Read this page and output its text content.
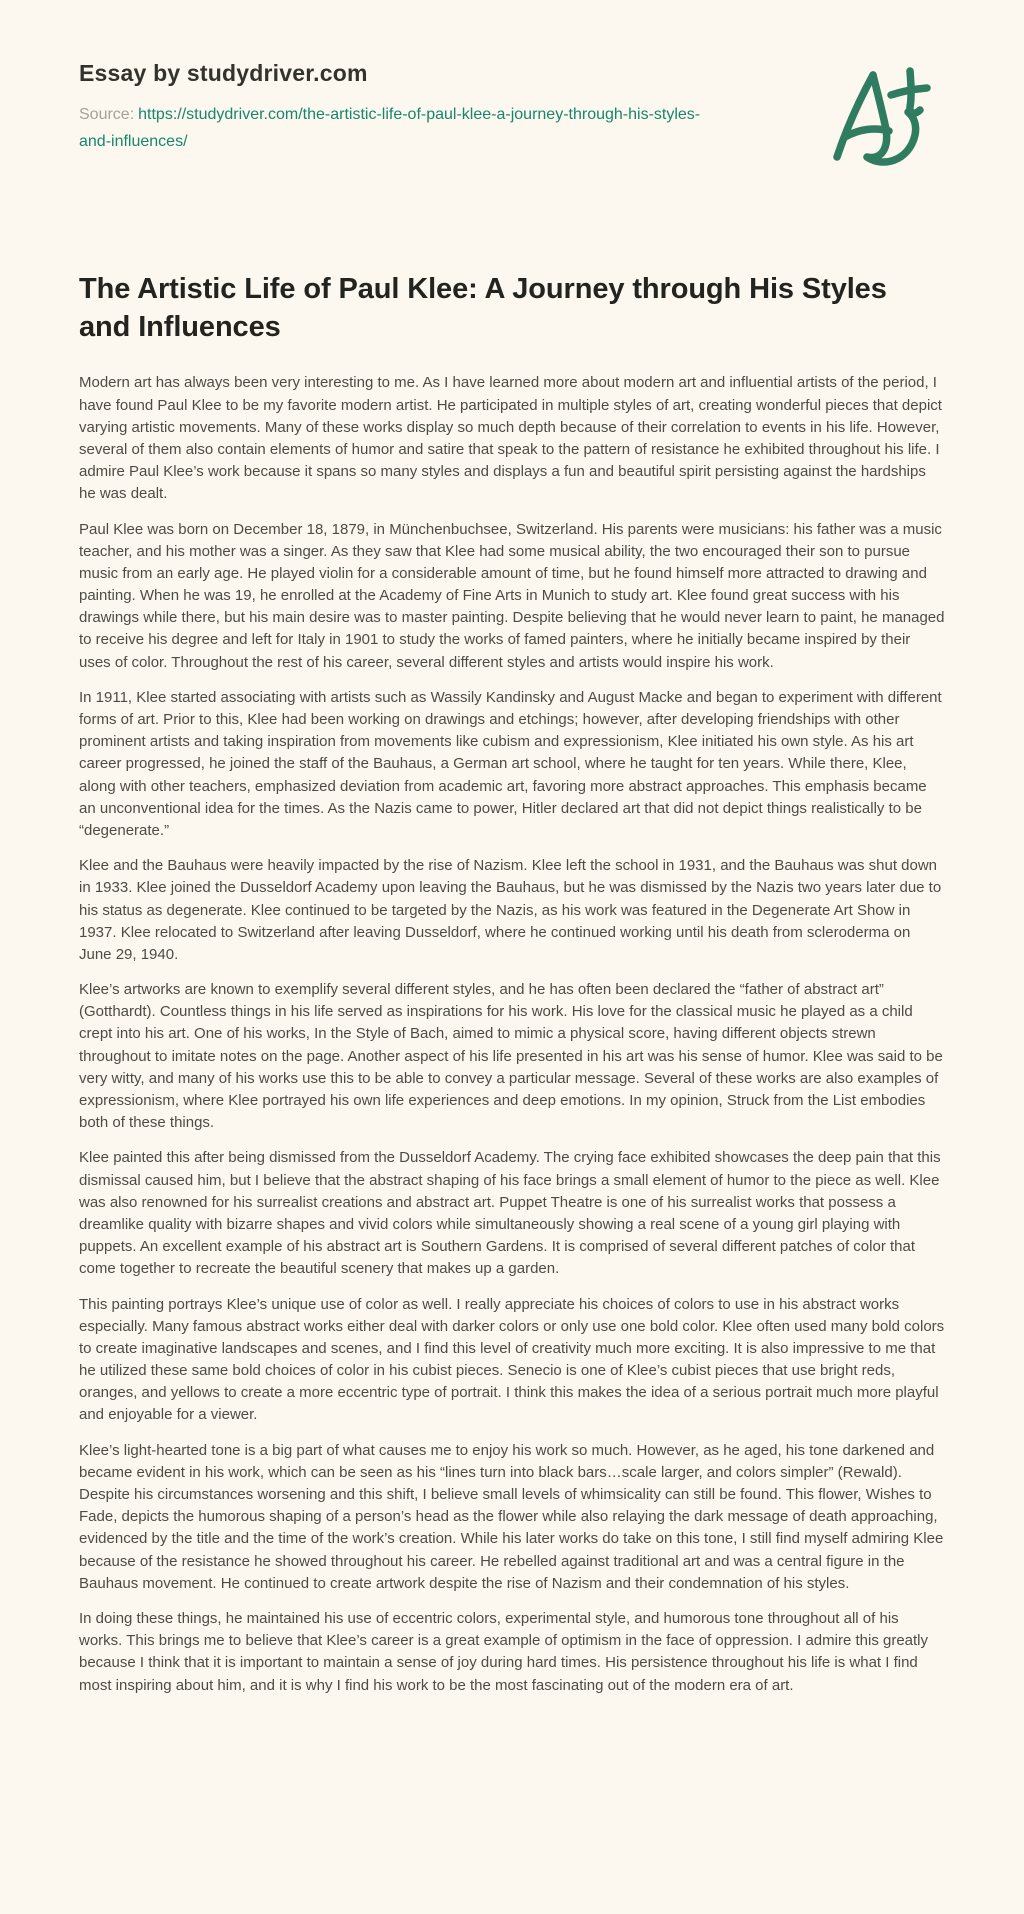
Essay by studydriver.com

Source: https://studydriver.com/the-artistic-life-of-paul-klee-a-journey-through-his-styles-and-influences/

The Artistic Life of Paul Klee: A Journey through His Styles and Influences

Modern art has always been very interesting to me. As I have learned more about modern art and influential artists of the period, I have found Paul Klee to be my favorite modern artist. He participated in multiple styles of art, creating wonderful pieces that depict varying artistic movements. Many of these works display so much depth because of their correlation to events in his life. However, several of them also contain elements of humor and satire that speak to the pattern of resistance he exhibited throughout his life. I admire Paul Klee’s work because it spans so many styles and displays a fun and beautiful spirit persisting against the hardships he was dealt.

Paul Klee was born on December 18, 1879, in Münchenbuchsee, Switzerland. His parents were musicians: his father was a music teacher, and his mother was a singer. As they saw that Klee had some musical ability, the two encouraged their son to pursue music from an early age. He played violin for a considerable amount of time, but he found himself more attracted to drawing and painting. When he was 19, he enrolled at the Academy of Fine Arts in Munich to study art. Klee found great success with his drawings while there, but his main desire was to master painting. Despite believing that he would never learn to paint, he managed to receive his degree and left for Italy in 1901 to study the works of famed painters, where he initially became inspired by their uses of color. Throughout the rest of his career, several different styles and artists would inspire his work.

In 1911, Klee started associating with artists such as Wassily Kandinsky and August Macke and began to experiment with different forms of art. Prior to this, Klee had been working on drawings and etchings; however, after developing friendships with other prominent artists and taking inspiration from movements like cubism and expressionism, Klee initiated his own style. As his art career progressed, he joined the staff of the Bauhaus, a German art school, where he taught for ten years. While there, Klee, along with other teachers, emphasized deviation from academic art, favoring more abstract approaches. This emphasis became an unconventional idea for the times. As the Nazis came to power, Hitler declared art that did not depict things realistically to be “degenerate.”

Klee and the Bauhaus were heavily impacted by the rise of Nazism. Klee left the school in 1931, and the Bauhaus was shut down in 1933. Klee joined the Dusseldorf Academy upon leaving the Bauhaus, but he was dismissed by the Nazis two years later due to his status as degenerate. Klee continued to be targeted by the Nazis, as his work was featured in the Degenerate Art Show in 1937. Klee relocated to Switzerland after leaving Dusseldorf, where he continued working until his death from scleroderma on June 29, 1940.

Klee’s artworks are known to exemplify several different styles, and he has often been declared the “father of abstract art” (Gotthardt). Countless things in his life served as inspirations for his work. His love for the classical music he played as a child crept into his art. One of his works, In the Style of Bach, aimed to mimic a physical score, having different objects strewn throughout to imitate notes on the page. Another aspect of his life presented in his art was his sense of humor. Klee was said to be very witty, and many of his works use this to be able to convey a particular message. Several of these works are also examples of expressionism, where Klee portrayed his own life experiences and deep emotions. In my opinion, Struck from the List embodies both of these things.

Klee painted this after being dismissed from the Dusseldorf Academy. The crying face exhibited showcases the deep pain that this dismissal caused him, but I believe that the abstract shaping of his face brings a small element of humor to the piece as well. Klee was also renowned for his surrealist creations and abstract art. Puppet Theatre is one of his surrealist works that possess a dreamlike quality with bizarre shapes and vivid colors while simultaneously showing a real scene of a young girl playing with puppets. An excellent example of his abstract art is Southern Gardens. It is comprised of several different patches of color that come together to recreate the beautiful scenery that makes up a garden.

This painting portrays Klee’s unique use of color as well. I really appreciate his choices of colors to use in his abstract works especially. Many famous abstract works either deal with darker colors or only use one bold color. Klee often used many bold colors to create imaginative landscapes and scenes, and I find this level of creativity much more exciting. It is also impressive to me that he utilized these same bold choices of color in his cubist pieces. Senecio is one of Klee’s cubist pieces that use bright reds, oranges, and yellows to create a more eccentric type of portrait. I think this makes the idea of a serious portrait much more playful and enjoyable for a viewer.

Klee’s light-hearted tone is a big part of what causes me to enjoy his work so much. However, as he aged, his tone darkened and became evident in his work, which can be seen as his “lines turn into black bars…scale larger, and colors simpler” (Rewald). Despite his circumstances worsening and this shift, I believe small levels of whimsicality can still be found. This flower, Wishes to Fade, depicts the humorous shaping of a person’s head as the flower while also relaying the dark message of death approaching, evidenced by the title and the time of the work’s creation. While his later works do take on this tone, I still find myself admiring Klee because of the resistance he showed throughout his career. He rebelled against traditional art and was a central figure in the Bauhaus movement. He continued to create artwork despite the rise of Nazism and their condemnation of his styles.

In doing these things, he maintained his use of eccentric colors, experimental style, and humorous tone throughout all of his works. This brings me to believe that Klee’s career is a great example of optimism in the face of oppression. I admire this greatly because I think that it is important to maintain a sense of joy during hard times. His persistence throughout his life is what I find most inspiring about him, and it is why I find his work to be the most fascinating out of the modern era of art.
